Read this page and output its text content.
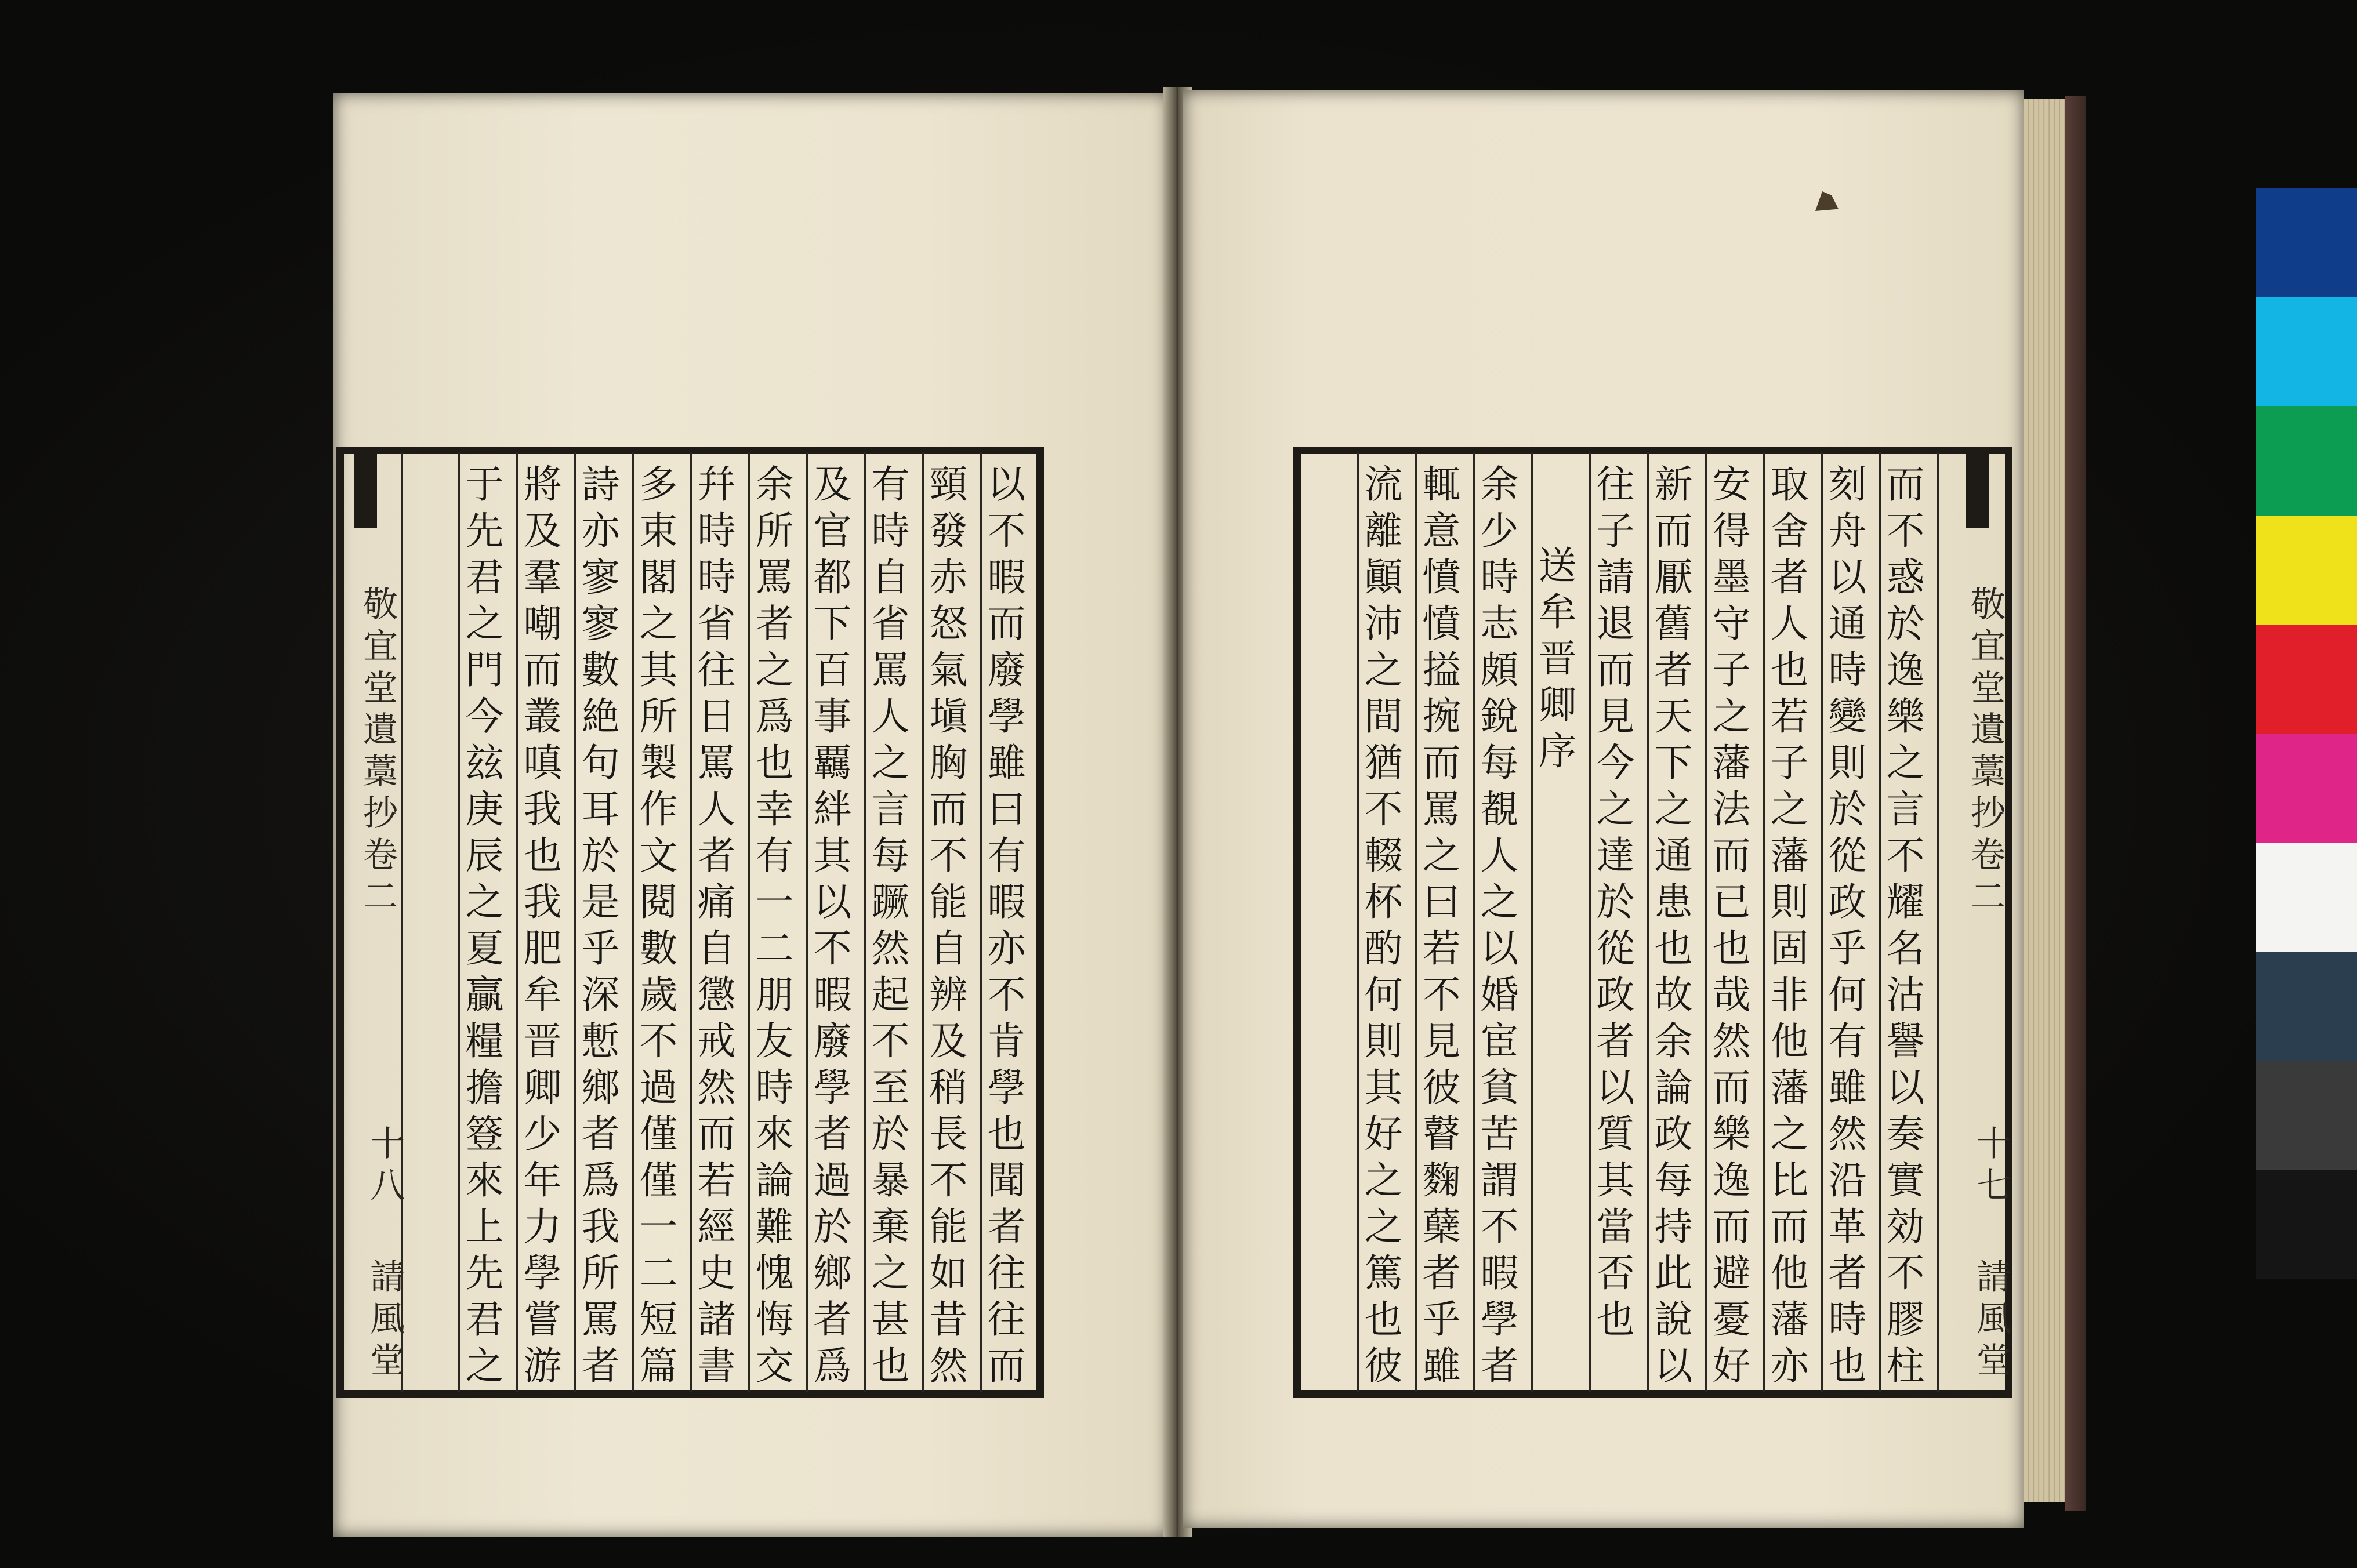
敬宜堂遺藁抄卷二
十八
請風堂	以不暇而廢學雖曰有暇亦不肯學也聞者往往而
頸發赤怒氣塡胸而不能自辨及稍長不能如昔然
有時自省罵人之言每蹶然起不至於暴棄之甚也
及官都下百事覊絆其以不暇廢學者過於鄉者爲
余所罵者之爲也幸有一二朋友時來論難愧悔交
幷時時省往日罵人者痛自懲戒然而若經史諸書
多束閣之其所製作文閱數歲不過僅僅一二短篇
詩亦寥寥數絶句耳於是乎深慙鄉者爲我所罵者
將及羣嘲而叢嗔我也我肥牟晋卿少年力學嘗游
于先君之門今玆庚辰之夏贏糧擔簦來上先君之	敬宜堂遺藁抄卷二
十七
請風堂
而不惑於逸樂之言不耀名沽譽以奏實効不膠柱
刻舟以通時變則於從政乎何有雖然沿革者時也
取舍者人也若子之藩則固非他藩之比而他藩亦
安得墨守子之藩法而已也哉然而樂逸而避憂好
新而厭舊者天下之通患也故余論政每持此說以
往子請退而見今之達於從政者以質其當否也
送牟晋卿序
余少時志頗銳每覩人之以婚宦貧苦謂不暇學者
輒意憤憤搤捥而罵之曰若不見彼瞽麴蘖者乎雖
流離顚沛之間猶不輟杯酌何則其好之之篤也彼
